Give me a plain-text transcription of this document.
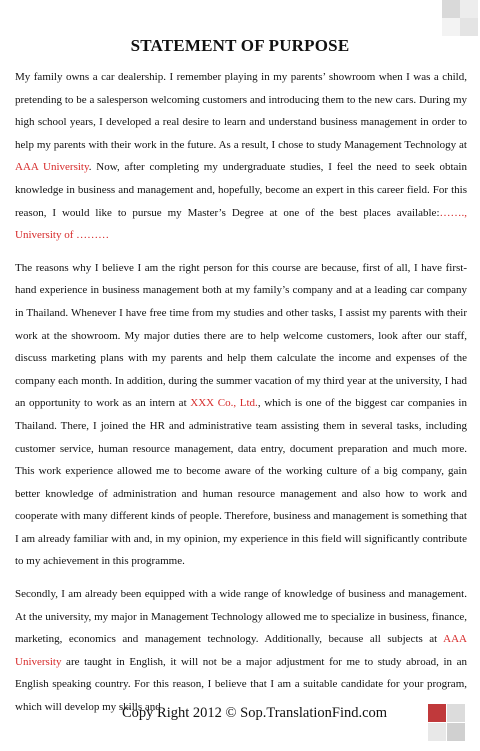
STATEMENT OF PURPOSE

My family owns a car dealership. I remember playing in my parents’ showroom when I was a child, pretending to be a salesperson welcoming customers and introducing them to the new cars. During my high school years, I developed a real desire to learn and understand business management in order to help my parents with their work in the future. As a result, I chose to study Management Technology at AAA University. Now, after completing my undergraduate studies, I feel the need to seek obtain knowledge in business and management and, hopefully, become an expert in this career field. For this reason, I would like to pursue my Master’s Degree at one of the best places available:……., University of ………

The reasons why I believe I am the right person for this course are because, first of all, I have first-hand experience in business management both at my family’s company and at a leading car company in Thailand. Whenever I have free time from my studies and other tasks, I assist my parents with their work at the showroom. My major duties there are to help welcome customers, look after our staff, discuss marketing plans with my parents and help them calculate the income and expenses of the company each month. In addition, during the summer vacation of my third year at the university, I had an opportunity to work as an intern at XXX Co., Ltd., which is one of the biggest car companies in Thailand. There, I joined the HR and administrative team assisting them in several tasks, including customer service, human resource management, data entry, document preparation and much more. This work experience allowed me to become aware of the working culture of a big company, gain better knowledge of administration and human resource management and also how to work and cooperate with many different kinds of people. Therefore, business and management is something that I am already familiar with and, in my opinion, my experience in this field will significantly contribute to my achievement in this programme.

Secondly, I am already been equipped with a wide range of knowledge of business and management. At the university, my major in Management Technology allowed me to specialize in business, finance, marketing, economics and management technology. Additionally, because all subjects at AAA University are taught in English, it will not be a major adjustment for me to study abroad, in an English speaking country. For this reason, I believe that I am a suitable candidate for your program, which will develop my skills and

Copy Right 2012 © Sop.TranslationFind.com
